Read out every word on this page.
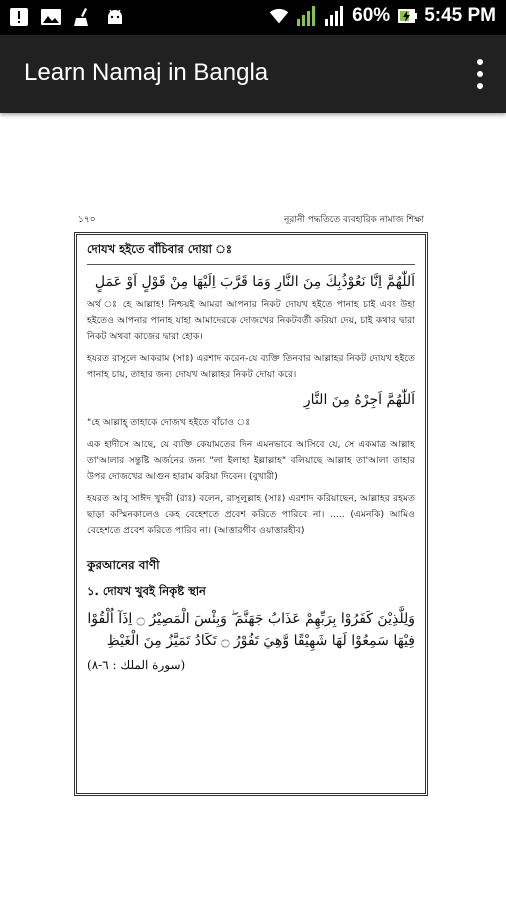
60% 5:45 PM
Learn Namaj in Bangla
১৭০	নূরানী পদ্ধতিতে ব্যবহারিক নামাজ শিক্ষা
দোযখ হইতে বাঁচিবার দোয়া ঃ
اَللّٰهُمَّ اِنَّا نَعُوْذُبِكَ مِنَ النَّارِ وَمَا قَرَّبَ اِلَيْهَا مِنْ قَوْلٍ اَوْ عَمَلٍ

অর্থ ঃ হে আল্লাহ! নিশ্চয়ই আমরা আপনার নিকট দোযখ হইতে পানাহ চাই এবং উহা হইতেও আপনার পানাহ যাহা আমাদেরকে দোজখের নিকটবর্তী করিয়া দেয়, চাই কথার দ্বারা নিকট অথবা কাজের দ্বারা হোক।

হযরত রাসূলে আকরাম (সাঃ) এরশাদ করেন-যে ব্যক্তি তিনবার আল্লাহর নিকট দোযখ হইতে পানাহ চায়, তাহার জন্য দোযখ আল্লাহর নিকট দোয়া করে।

اَللّٰهُمَّ اَجِرْهُ مِنَ النَّارِ

"হে আল্লাহ্‌ তাহাকে দোজখ হইতে বাঁচাও ঃ

এক হাদীসে আছে, যে ব্যক্তি কেয়ামতের দিন এমনভাবে আসিবে যে, সে একমাত্র আল্লাহ তা'আলার সন্তুষ্টি অর্জনের জন্য "লা ইলাহা ইল্লাল্লাহ" বলিয়াছে আল্লাহ তা'আলা তাহার উপর দোজখের আগুন হারাম করিয়া দিবেন। (বুখারী)

হযরত আবু সাঈদ খুদরী (রাঃ) বলেন, রাসূলুল্লাহ (সাঃ) এরশাদ করিয়াছেন, আল্লাহর রহমত ছাড়া কস্মিনকালেও কেহ বেহেশতে প্রবেশ করিতে পারিবে না। ..... (এমনকি) আমিও বেহেশতে প্রবেশ করিতে পারিব না। (আত্তারগীব ওয়াত্তারহীব)

কুরআনের বাণী
১. দোযখ খুবই নিকৃষ্ট স্থান
وَلِلَّذِيْنَ كَفَرُوْا بِرَبِّهِمْ عَذَابُ جَهَنَّمَ ۖ وَبِئْسَ الْمَصِيْرُ ۝ اِذَآ اُلْقُوْا فِيْهَا سَمِعُوْا لَهَا شَهِيْقًا وَّهِيَ تَفُوْرُ ۝ تَكَادُ تَمَيَّزُ مِنَ الْغَيْظِ
(سورة الملك : ٦-٨)
